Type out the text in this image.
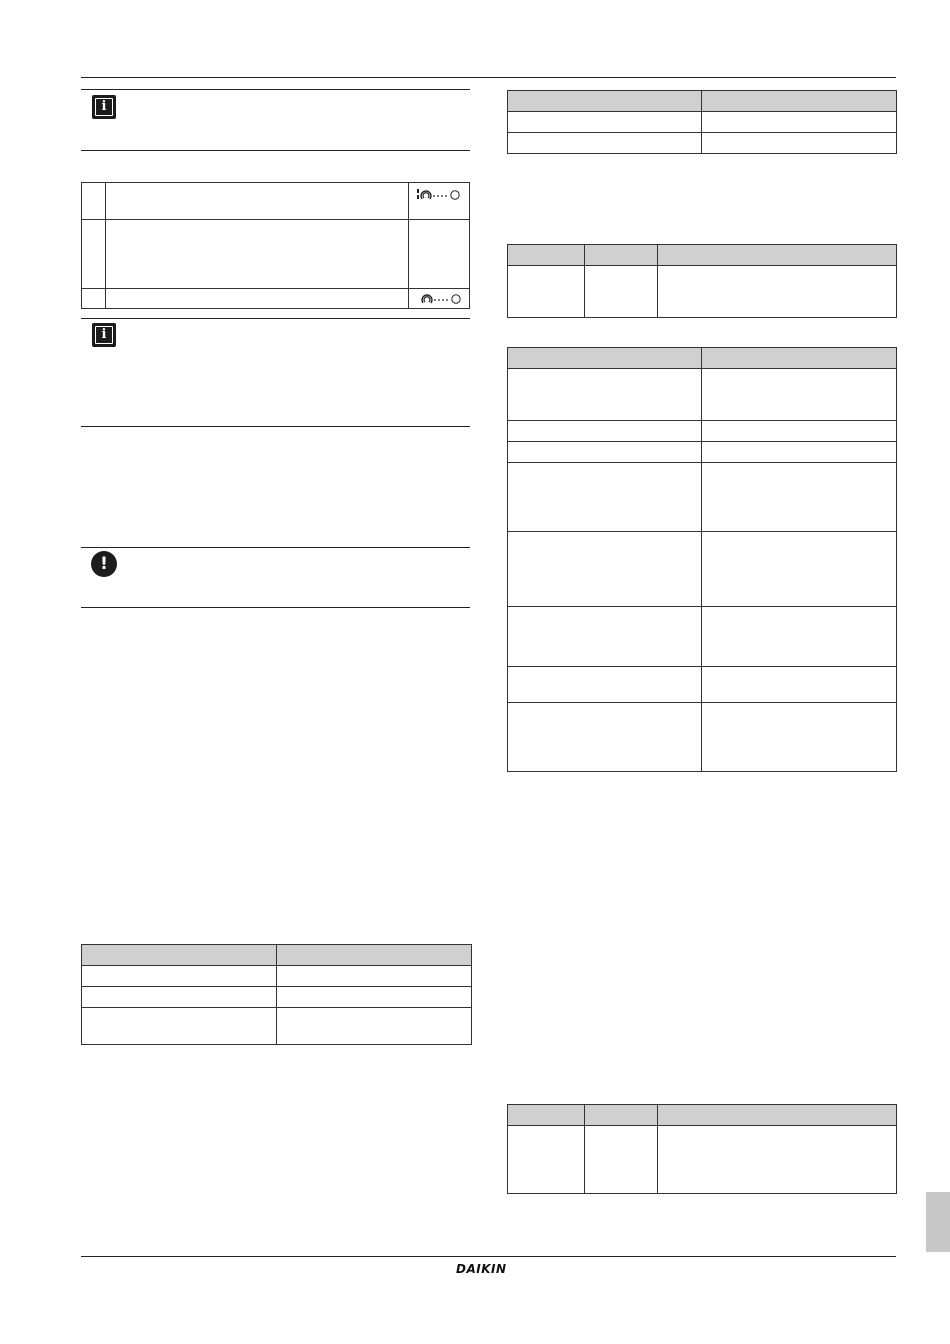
i
i
!

DAIKIN
